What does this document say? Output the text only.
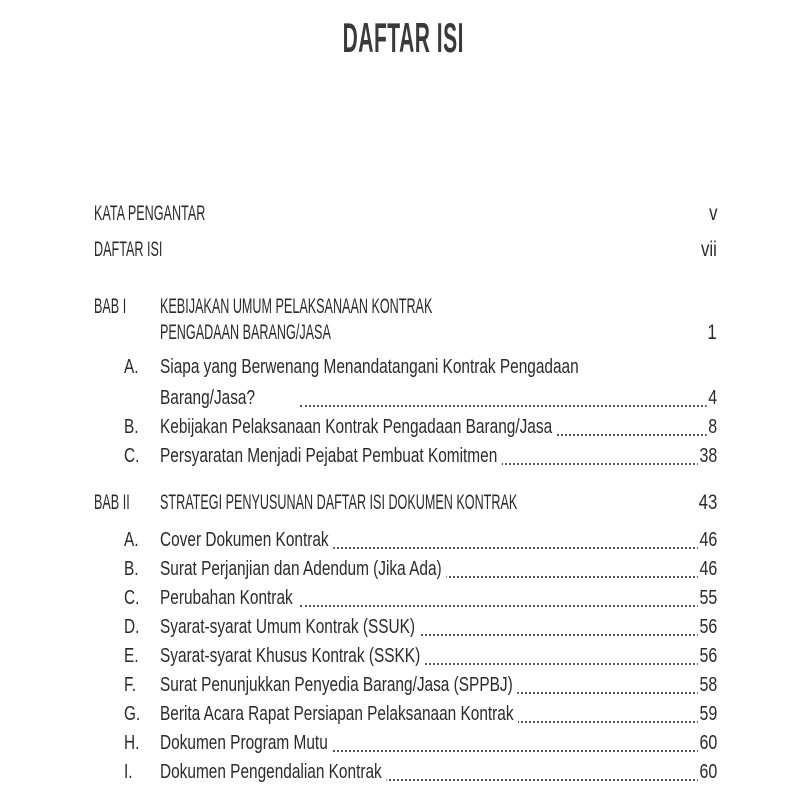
DAFTAR ISI
KATA PENGANTAR	v
DAFTAR ISI	vii
BAB I KEBIJAKAN UMUM PELAKSANAAN KONTRAK
PENGADAAN BARANG/JASA	1
A. Siapa yang Berwenang Menandatangani Kontrak Pengadaan
Barang/Jasa?	4
B. Kebijakan Pelaksanaan Kontrak Pengadaan Barang/Jasa	8
C. Persyaratan Menjadi Pejabat Pembuat Komitmen	38
BAB II STRATEGI PENYUSUNAN DAFTAR ISI DOKUMEN KONTRAK	43
A. Cover Dokumen Kontrak	46
B. Surat Perjanjian dan Adendum (Jika Ada)	46
C. Perubahan Kontrak	55
D. Syarat-syarat Umum Kontrak (SSUK)	56
E. Syarat-syarat Khusus Kontrak (SSKK)	56
F. Surat Penunjukkan Penyedia Barang/Jasa (SPPBJ)	58
G. Berita Acara Rapat Persiapan Pelaksanaan Kontrak	59
H. Dokumen Program Mutu	60
I. Dokumen Pengendalian Kontrak	60
